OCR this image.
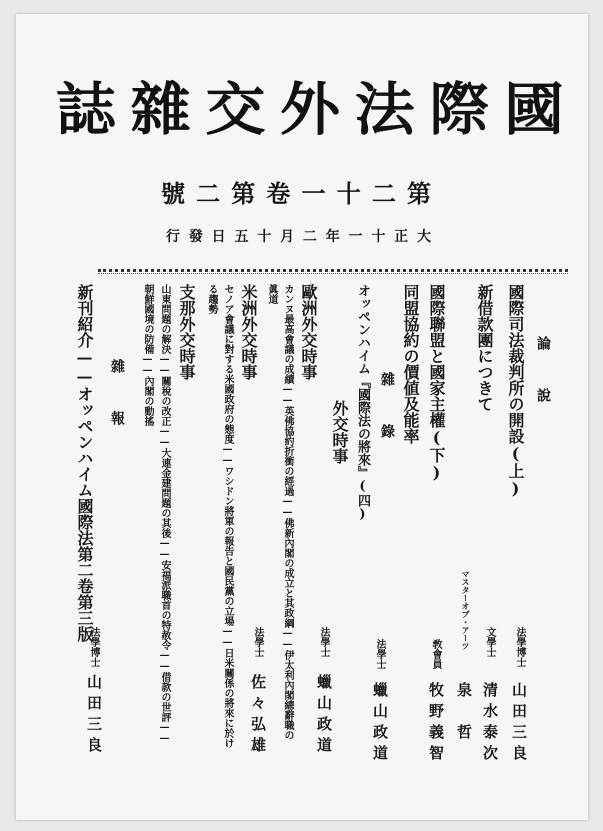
誌 雜 交 外 法 際 國
號 二 第 卷 一 十 二 第
行 發 日 五 十 月 二 年 一 十 正 大
論　說
國際司法裁判所の開設(上)
新借款團につきて
國際聯盟と國家主權(下)
同盟協約の價値及能率
雜　錄
オッペンハイム『國際法の將來』(四)
外交時事
歐洲外交時事
カンヌ最高會議の成績——英佛協約折衝の經過——佛新內閣の成立と其政綱——伊太利內閣總辭職の
眞道
米洲外交時事
セノア會議に對する米國政府の態度——ワシドン將軍の報告と國民黨の立場——日米關係の將來に於け
る趨勢
支那外交時事
山東問題の解決——關稅の改正——大連金建問題の其後——安福派職首の特赦令——借款の世評——
朝鮮國境の防備——內閣の動搖
雜　報
新刊紹介——オッペンハイム國際法第二卷第三版
法學博士
山田三良
文學士
清水泰次
マスターオブ・アーツ
泉　哲
敎會員
牧野義智
法學士
蠟山政道
法學士
蠟山政道
法學士
佐々弘雄
法學博士
山田三良
